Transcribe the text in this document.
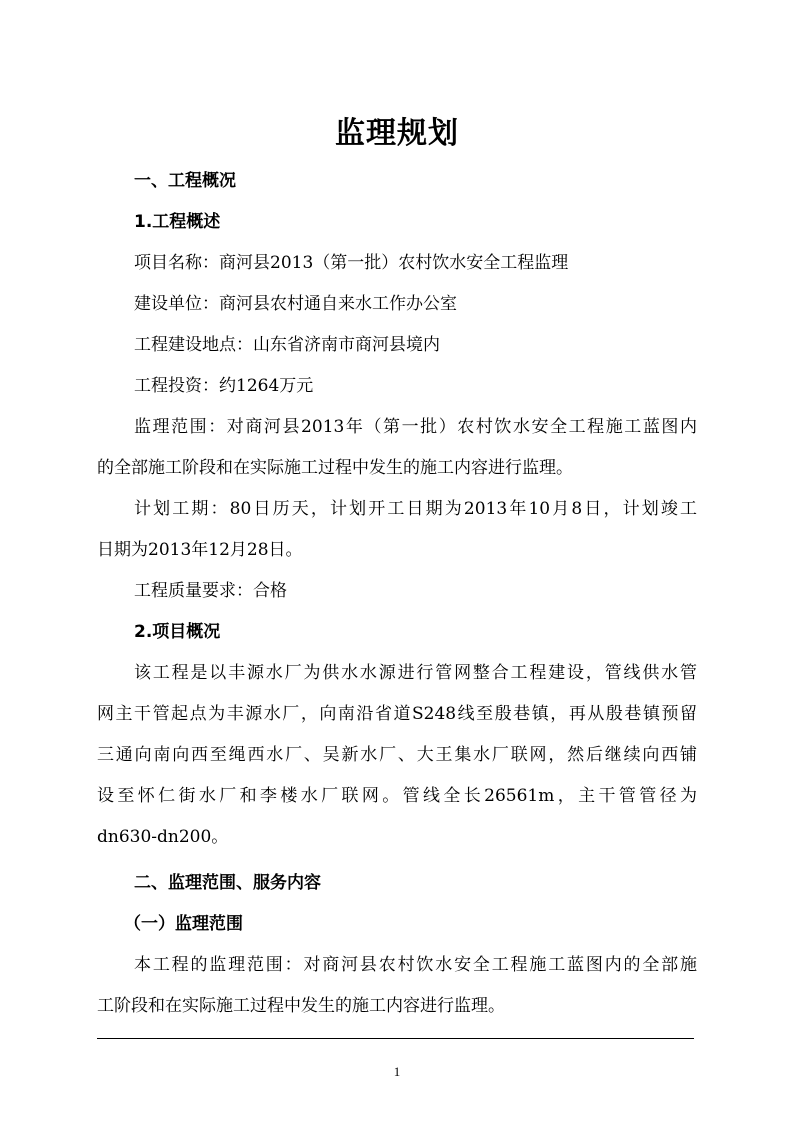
监理规划
一、工程概况
1.工程概述
项目名称：商河县2013（第一批）农村饮水安全工程监理
建设单位：商河县农村通自来水工作办公室
工程建设地点：山东省济南市商河县境内
工程投资：约1264万元
监理范围：对商河县2013年（第一批）农村饮水安全工程施工蓝图内
的全部施工阶段和在实际施工过程中发生的施工内容进行监理。
计划工期：80日历天，计划开工日期为2013年10月8日，计划竣工
日期为2013年12月28日。
工程质量要求：合格
2.项目概况
该工程是以丰源水厂为供水水源进行管网整合工程建设，管线供水管
网主干管起点为丰源水厂，向南沿省道S248线至殷巷镇，再从殷巷镇预留
三通向南向西至绳西水厂、吴新水厂、大王集水厂联网，然后继续向西铺
设至怀仁街水厂和李楼水厂联网。管线全长26561m，主干管管径为
dn630-dn200。
二、监理范围、服务内容
（一）监理范围
本工程的监理范围：对商河县农村饮水安全工程施工蓝图内的全部施
工阶段和在实际施工过程中发生的施工内容进行监理。
1
